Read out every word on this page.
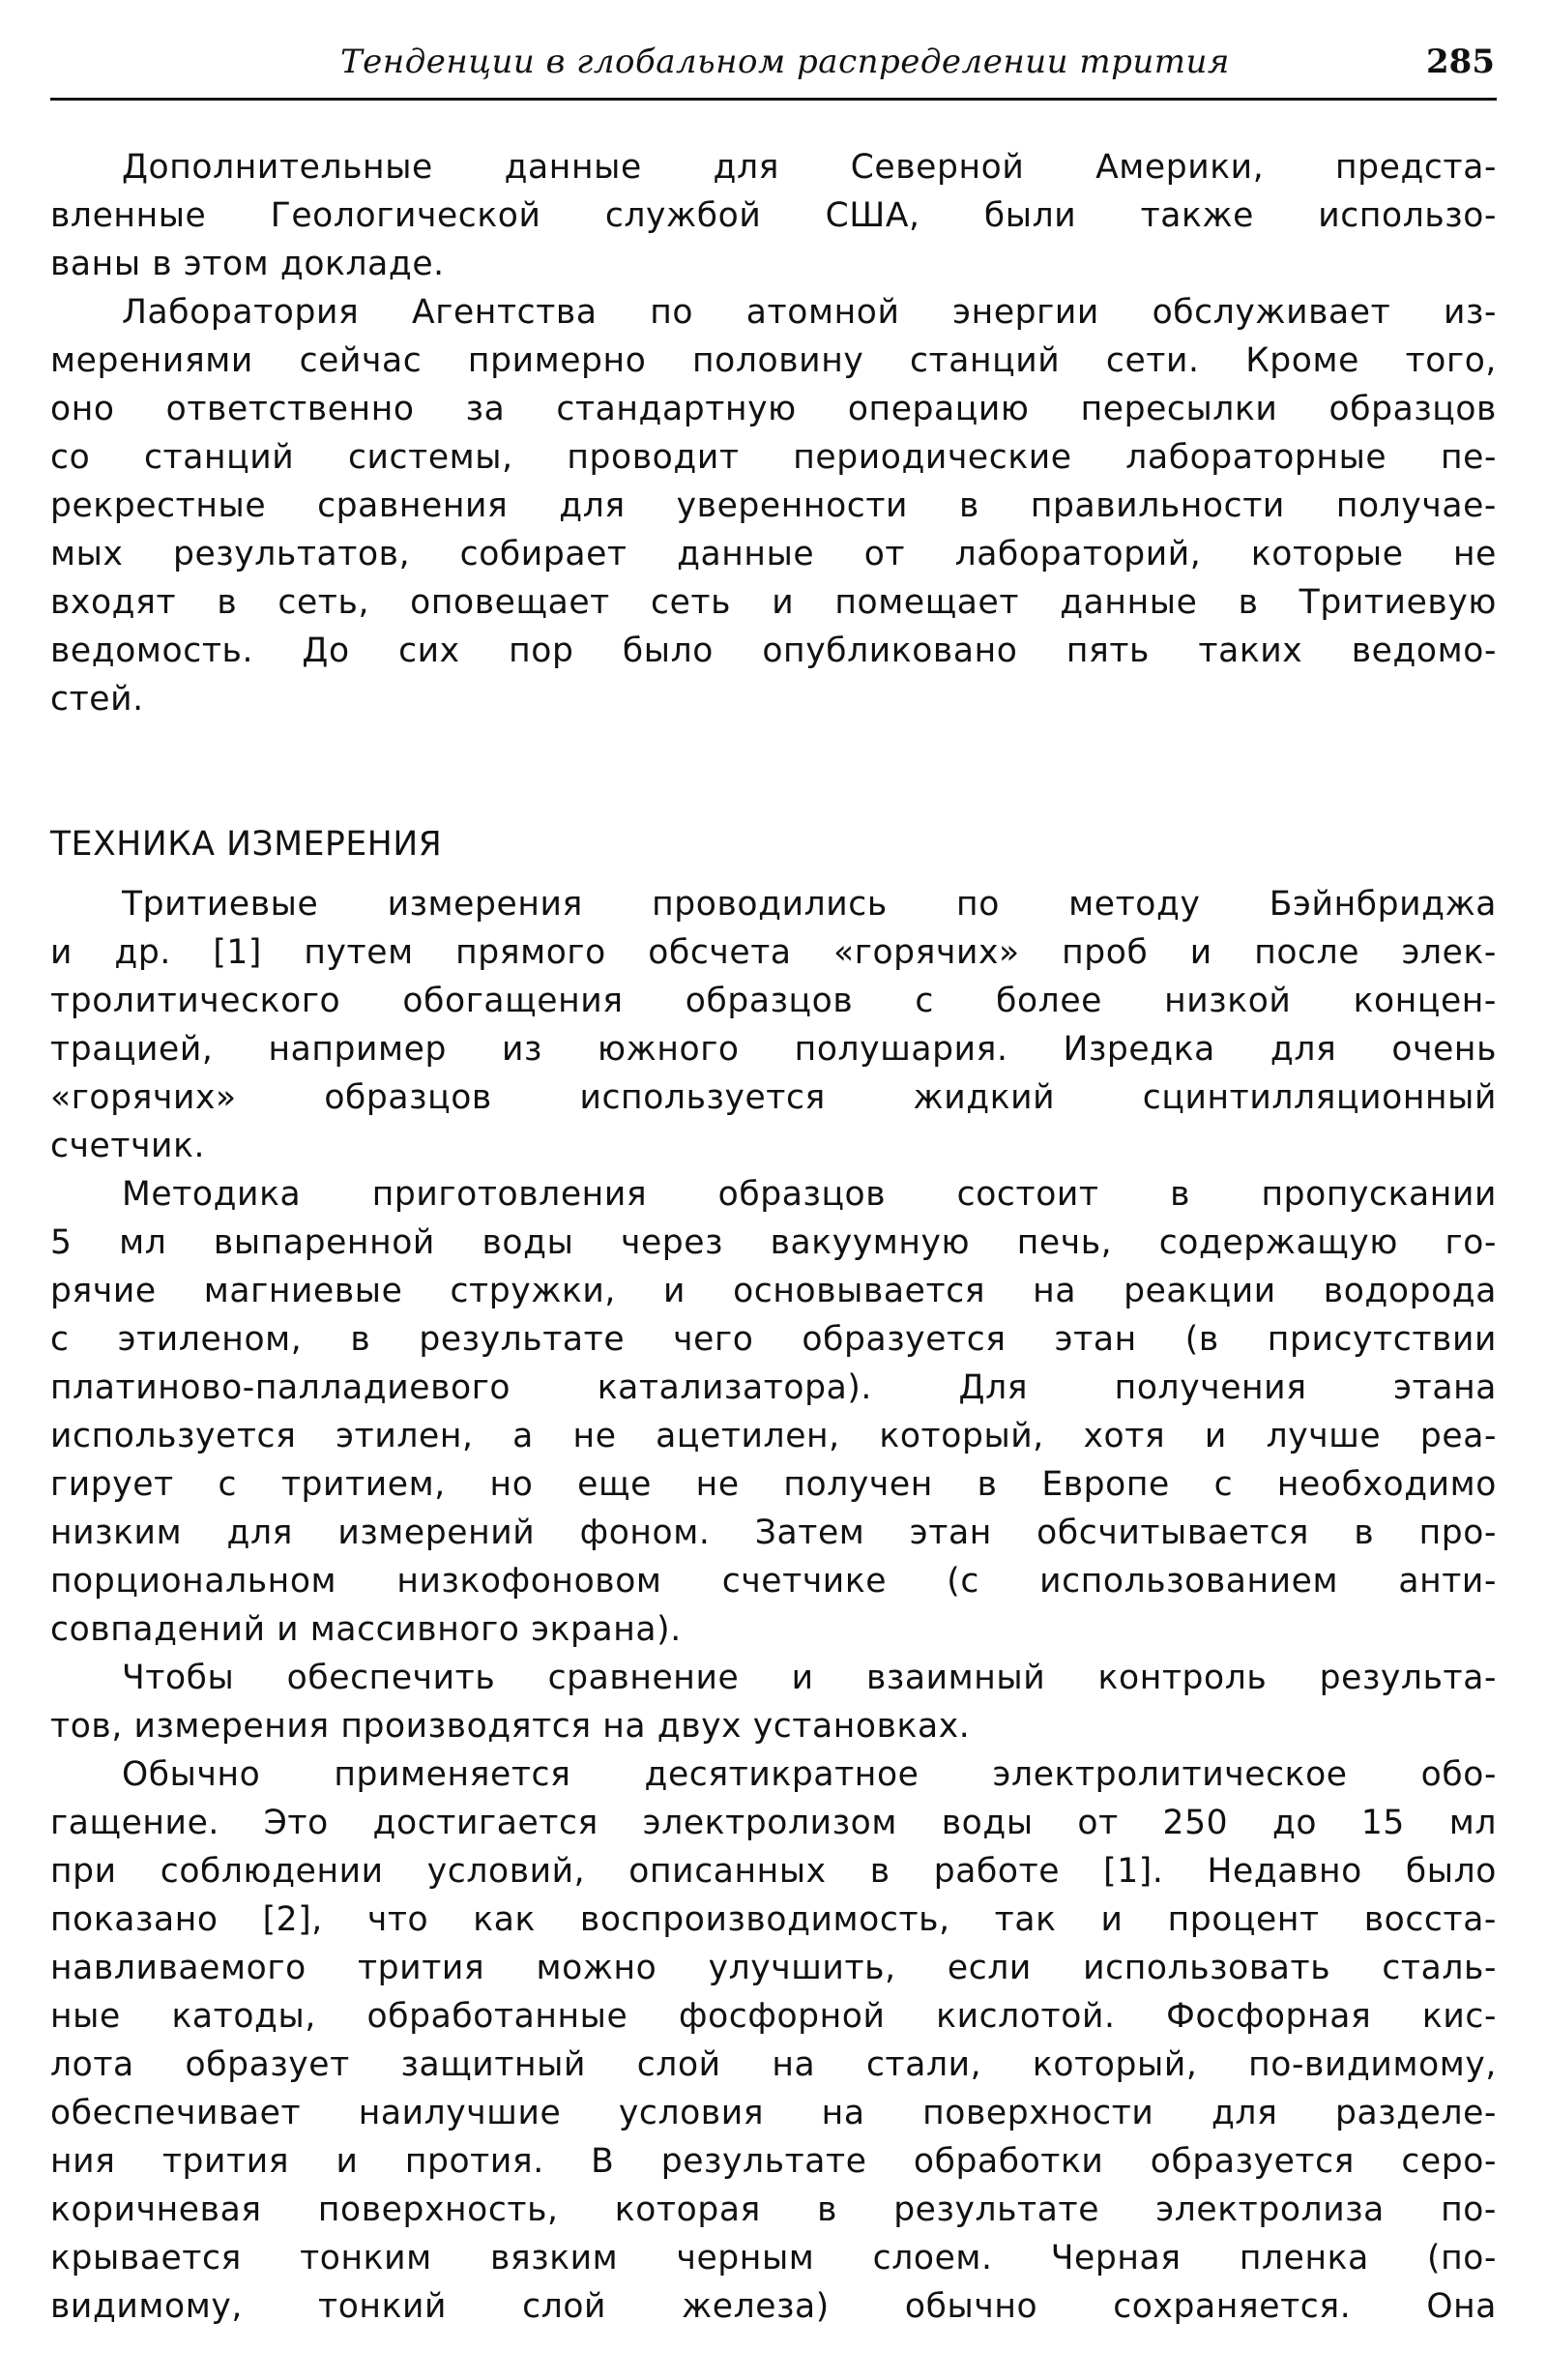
Тенденции в глобальном распределении трития	285
Дополнительные данные для Северной Америки, предста-
вленные Геологической службой США, были также использо-
ваны в этом докладе.
Лаборатория Агентства по атомной энергии обслуживает из-
мерениями сейчас примерно половину станций сети. Кроме того,
оно ответственно за стандартную операцию пересылки образцов
со станций системы, проводит периодические лабораторные пе-
рекрестные сравнения для уверенности в правильности получае-
мых результатов, собирает данные от лабораторий, которые не
входят в сеть, оповещает сеть и помещает данные в Тритиевую
ведомость. До сих пор было опубликовано пять таких ведомо-
стей.
ТЕХНИКА ИЗМЕРЕНИЯ
Тритиевые измерения проводились по методу Бэйнбриджа
и др. [1] путем прямого обсчета «горячих» проб и после элек-
тролитического обогащения образцов с более низкой концен-
трацией, например из южного полушария. Изредка для очень
«горячих» образцов используется жидкий сцинтилляционный
счетчик.
Методика приготовления образцов состоит в пропускании
5 мл выпаренной воды через вакуумную печь, содержащую го-
рячие магниевые стружки, и основывается на реакции водорода
с этиленом, в результате чего образуется этан (в присутствии
платиново-палладиевого катализатора). Для получения этана
используется этилен, а не ацетилен, который, хотя и лучше реа-
гирует с тритием, но еще не получен в Европе с необходимо
низким для измерений фоном. Затем этан обсчитывается в про-
порциональном низкофоновом счетчике (с использованием анти-
совпадений и массивного экрана).
Чтобы обеспечить сравнение и взаимный контроль результа-
тов, измерения производятся на двух установках.
Обычно применяется десятикратное электролитическое обо-
гащение. Это достигается электролизом воды от 250 до 15 мл
при соблюдении условий, описанных в работе [1]. Недавно было
показано [2], что как воспроизводимость, так и процент восста-
навливаемого трития можно улучшить, если использовать сталь-
ные катоды, обработанные фосфорной кислотой. Фосфорная кис-
лота образует защитный слой на стали, который, по-видимому,
обеспечивает наилучшие условия на поверхности для разделе-
ния трития и протия. В результате обработки образуется серо-
коричневая поверхность, которая в результате электролиза по-
крывается тонким вязким черным слоем. Черная пленка (по-
видимому, тонкий слой железа) обычно сохраняется. Она
